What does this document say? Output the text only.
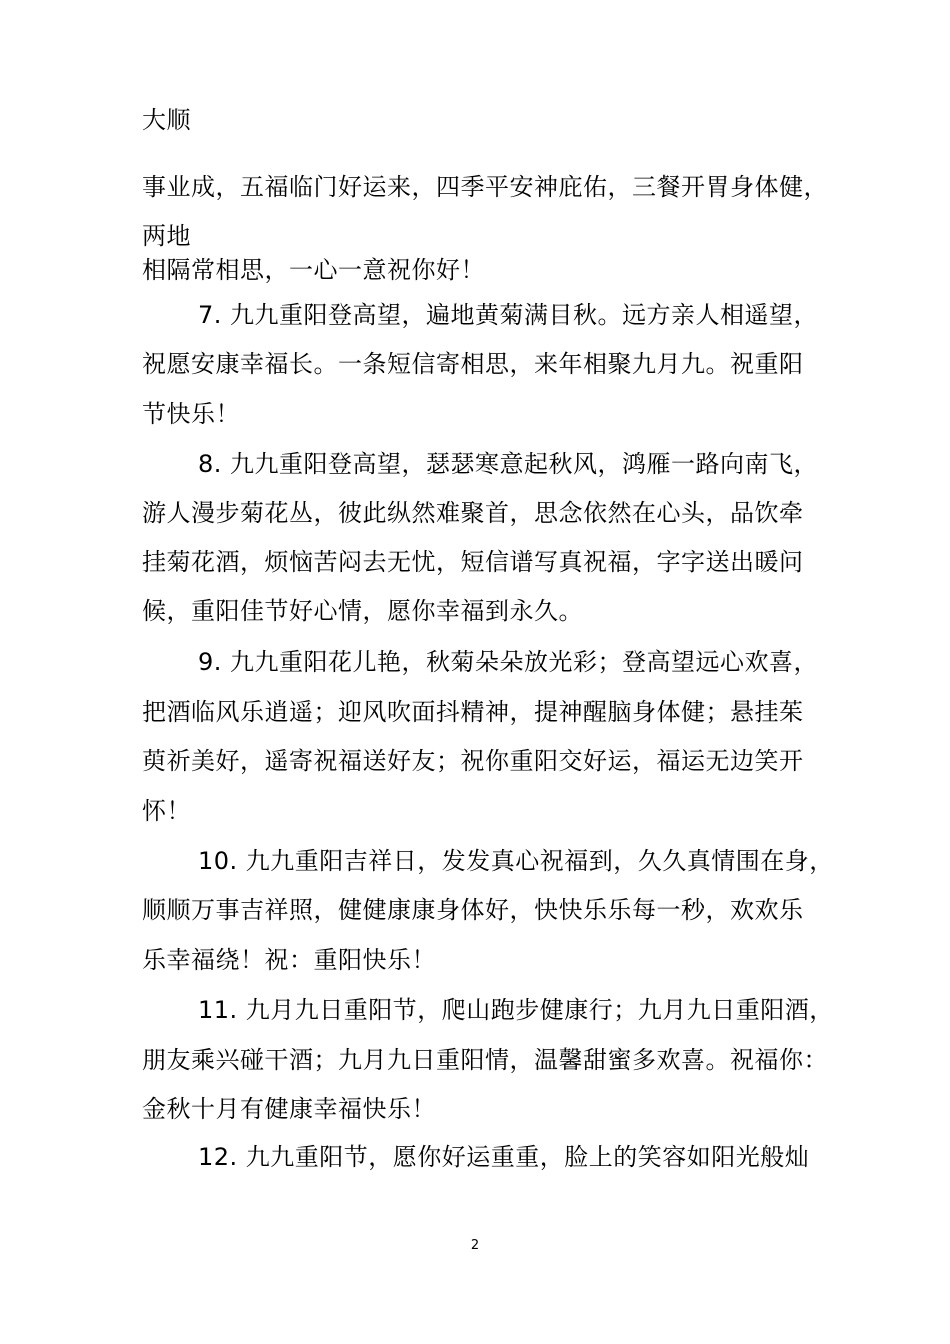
大顺
事业成，五福临门好运来，四季平安神庇佑，三餐开胃身体健，
两地
相隔常相思，一心一意祝你好！
7. 九九重阳登高望，遍地黄菊满目秋。远方亲人相遥望，
祝愿安康幸福长。一条短信寄相思，来年相聚九月九。祝重阳
节快乐！
8. 九九重阳登高望，瑟瑟寒意起秋风，鸿雁一路向南飞，
游人漫步菊花丛，彼此纵然难聚首，思念依然在心头，品饮牵
挂菊花酒，烦恼苦闷去无忧，短信谱写真祝福，字字送出暖问
候，重阳佳节好心情，愿你幸福到永久。
9. 九九重阳花儿艳，秋菊朵朵放光彩；登高望远心欢喜，
把酒临风乐逍遥；迎风吹面抖精神，提神醒脑身体健；悬挂茱
萸祈美好，遥寄祝福送好友；祝你重阳交好运，福运无边笑开
怀！
10. 九九重阳吉祥日，发发真心祝福到，久久真情围在身，
顺顺万事吉祥照，健健康康身体好，快快乐乐每一秒，欢欢乐
乐幸福绕！祝：重阳快乐！
11. 九月九日重阳节，爬山跑步健康行；九月九日重阳酒，
朋友乘兴碰干酒；九月九日重阳情，温馨甜蜜多欢喜。祝福你：
金秋十月有健康幸福快乐！
12. 九九重阳节，愿你好运重重，脸上的笑容如阳光般灿
2
